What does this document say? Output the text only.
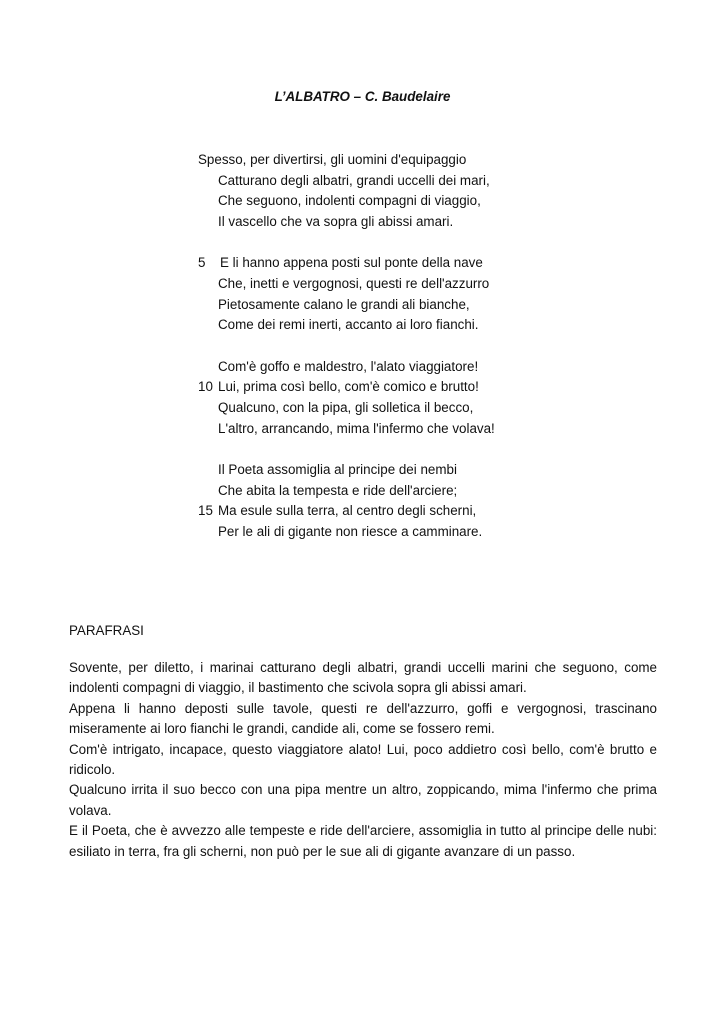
L’ALBATRO – C. Baudelaire
Spesso, per divertirsi, gli uomini d'equipaggio
Catturano degli albatri, grandi uccelli dei mari,
Che seguono, indolenti compagni di viaggio,
Il vascello che va sopra gli abissi amari.
5 E li hanno appena posti sul ponte della nave
Che, inetti e vergognosi, questi re dell'azzurro
Pietosamente calano le grandi ali bianche,
Come dei remi inerti, accanto ai loro fianchi.
Com'è goffo e maldestro, l'alato viaggiatore!
10 Lui, prima così bello, com'è comico e brutto!
Qualcuno, con la pipa, gli solletica il becco,
L'altro, arrancando, mima l'infermo che volava!
Il Poeta assomiglia al principe dei nembi
Che abita la tempesta e ride dell'arciere;
15 Ma esule sulla terra, al centro degli scherni,
Per le ali di gigante non riesce a camminare.
PARAFRASI

Sovente, per diletto, i marinai catturano degli albatri, grandi uccelli marini che seguono, come indolenti compagni di viaggio, il bastimento che scivola sopra gli abissi amari.

Appena li hanno deposti sulle tavole, questi re dell'azzurro, goffi e vergognosi, trascinano miseramente ai loro fianchi le grandi, candide ali, come se fossero remi.

Com'è intrigato, incapace, questo viaggiatore alato! Lui, poco addietro così bello, com'è brutto e ridicolo.

Qualcuno irrita il suo becco con una pipa mentre un altro, zoppicando, mima l'infermo che prima volava.

E il Poeta, che è avvezzo alle tempeste e ride dell'arciere, assomiglia in tutto al principe delle nubi: esiliato in terra, fra gli scherni, non può per le sue ali di gigante avanzare di un passo.
